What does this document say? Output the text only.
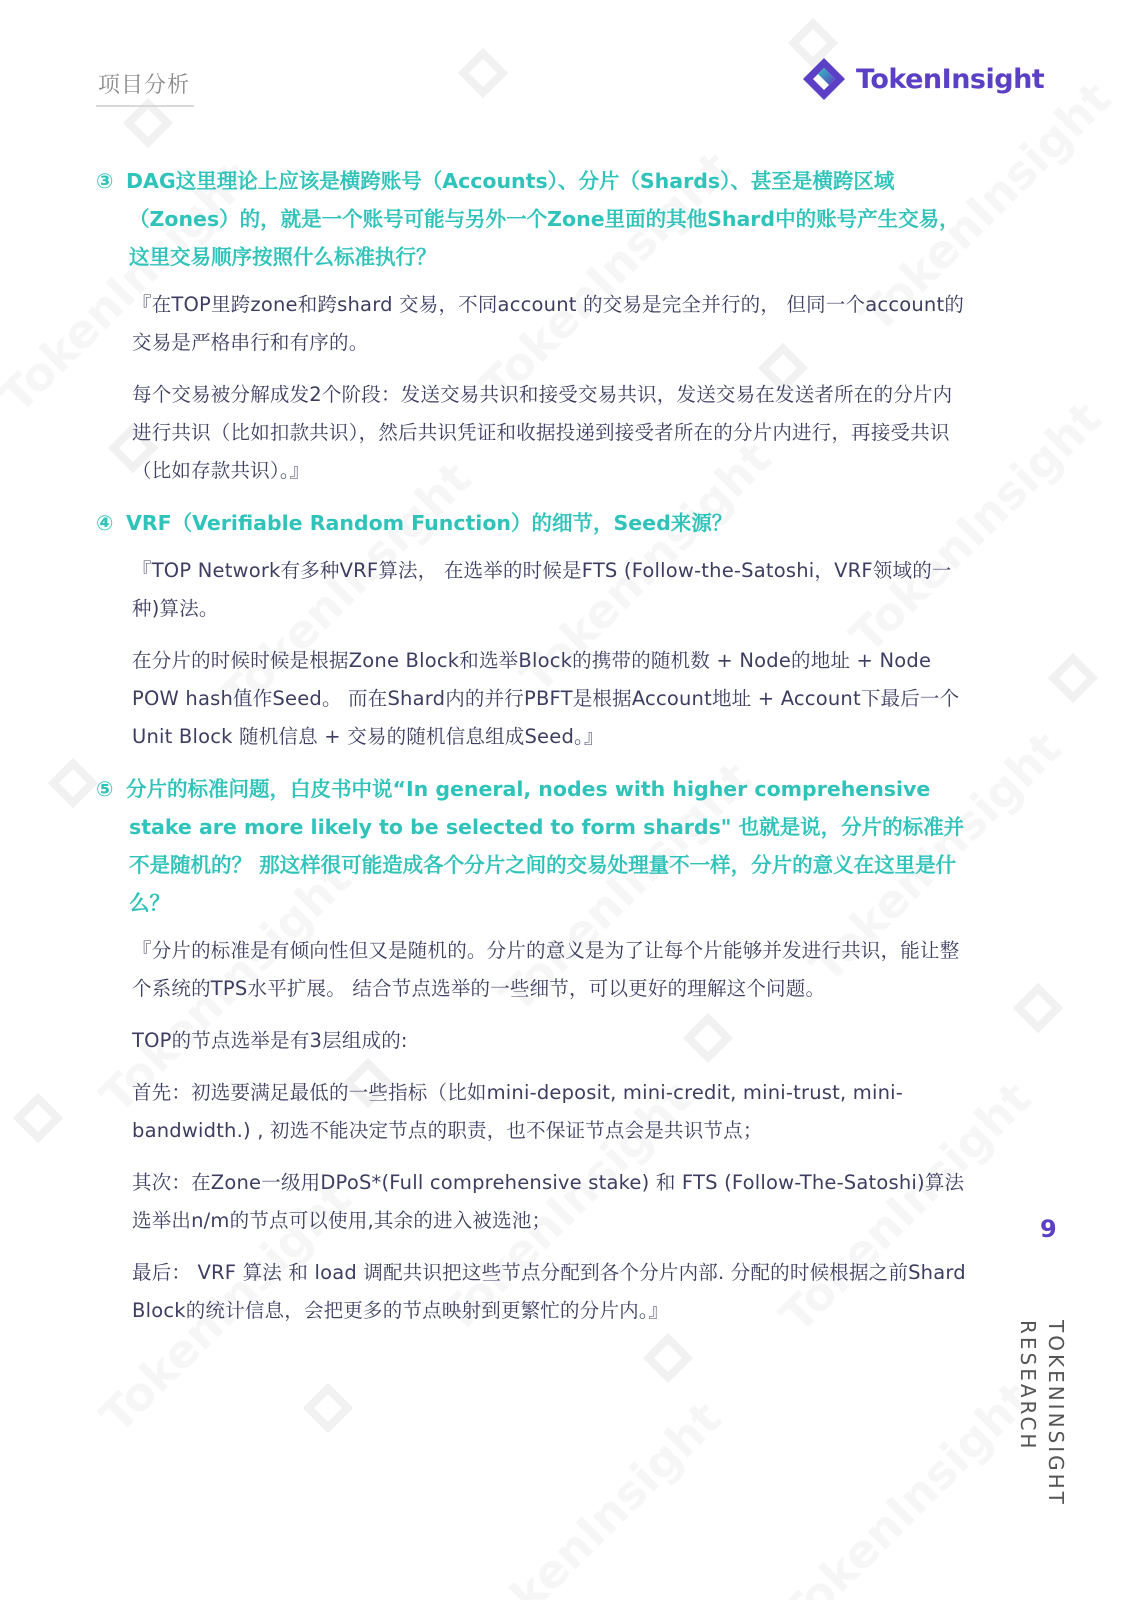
项目分析	TokenInsight
③ DAG这里理论上应该是横跨账号（Accounts）、分片（Shards）、甚至是横跨区域（Zones）的，就是一个账号可能与另外一个Zone里面的其他Shard中的账号产生交易，这里交易顺序按照什么标准执行？
『在TOP里跨zone和跨shard 交易，不同account 的交易是完全并行的， 但同一个account的交易是严格串行和有序的。
每个交易被分解成发2个阶段：发送交易共识和接受交易共识，发送交易在发送者所在的分片内进行共识（比如扣款共识），然后共识凭证和收据投递到接受者所在的分片内进行，再接受共识（比如存款共识）。』
④ VRF（Verifiable Random Function）的细节，Seed来源？
『TOP Network有多种VRF算法， 在选举的时候是FTS (Follow-the-Satoshi，VRF领域的一种)算法。
在分片的时候时候是根据Zone Block和选举Block的携带的随机数 + Node的地址 + Node POW hash值作Seed。 而在Shard内的并行PBFT是根据Account地址 + Account下最后一个Unit Block 随机信息 + 交易的随机信息组成Seed。』
⑤ 分片的标准问题，白皮书中说“In general, nodes with higher comprehensive stake are more likely to be selected to form shards" 也就是说，分片的标准并不是随机的？ 那这样很可能造成各个分片之间的交易处理量不一样，分片的意义在这里是什么？
『分片的标准是有倾向性但又是随机的。分片的意义是为了让每个片能够并发进行共识，能让整个系统的TPS水平扩展。 结合节点选举的一些细节，可以更好的理解这个问题。
TOP的节点选举是有3层组成的:
首先：初选要满足最低的一些指标（比如mini-deposit, mini-credit, mini-trust, mini-bandwidth.) , 初选不能决定节点的职责，也不保证节点会是共识节点；
其次：在Zone一级用DPoS*(Full comprehensive stake) 和 FTS (Follow-The-Satoshi)算法选举出n/m的节点可以使用,其余的进入被选池；
最后： VRF 算法 和 load 调配共识把这些节点分配到各个分片内部. 分配的时候根据之前Shard Block的统计信息，会把更多的节点映射到更繁忙的分片内。』
9
TOKENINSIGHT RESEARCH
